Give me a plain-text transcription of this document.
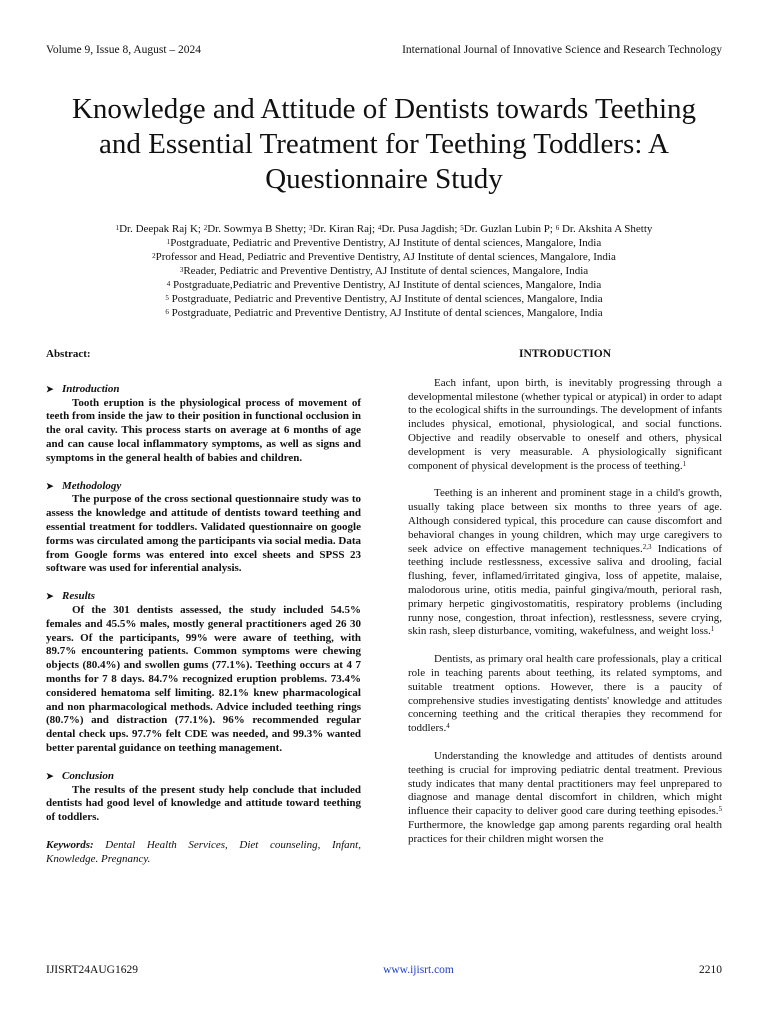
Volume 9, Issue 8, August – 2024	International Journal of Innovative Science and Research Technology
Knowledge and Attitude of Dentists towards Teething and Essential Treatment for Teething Toddlers: A Questionnaire Study
$^1$Dr. Deepak Raj K; $^2$Dr. Sowmya B Shetty; $^3$Dr. Kiran Raj; $^4$Dr. Pusa Jagdish; $^5$Dr. Guzlan Lubin P; $^6$ Dr. Akshita A Shetty
$^1$Postgraduate, Pediatric and Preventive Dentistry, AJ Institute of dental sciences, Mangalore, India
$^2$Professor and Head, Pediatric and Preventive Dentistry, AJ Institute of dental sciences, Mangalore, India
$^3$Reader, Pediatric and Preventive Dentistry, AJ Institute of dental sciences, Mangalore, India
$^4$ Postgraduate,Pediatric and Preventive Dentistry, AJ Institute of dental sciences, Mangalore, India
$^5$ Postgraduate, Pediatric and Preventive Dentistry, AJ Institute of dental sciences, Mangalore, India
$^6$ Postgraduate, Pediatric and Preventive Dentistry, AJ Institute of dental sciences, Mangalore, India

Abstract:

➤ Introduction

Tooth eruption is the physiological process of movement of teeth from inside the jaw to their position in functional occlusion in the oral cavity. This process starts on average at 6 months of age and can cause local inflammatory symptoms, as well as signs and symptoms in the general health of babies and children.

➤ Methodology

The purpose of the cross sectional questionnaire study was to assess the knowledge and attitude of dentists toward teething and essential treatment for toddlers. Validated questionnaire on google forms was circulated among the participants via social media. Data from Google forms was entered into excel sheets and SPSS 23 software was used for inferential analysis.

➤ Results

Of the 301 dentists assessed, the study included 54.5% females and 45.5% males, mostly general practitioners aged 26 30 years. Of the participants, 99% were aware of teething, with 89.7% encountering patients. Common symptoms were chewing objects (80.4%) and swollen gums (77.1%). Teething occurs at 4 7 months for 7 8 days. 84.7% recognized eruption problems. 73.4% considered hematoma self limiting. 82.1% knew pharmacological and non pharmacological methods. Advice included teething rings (80.7%) and distraction (77.1%). 96% recommended regular dental check ups. 97.7% felt CDE was needed, and 99.3% wanted better parental guidance on teething management.

➤ Conclusion

The results of the present study help conclude that included dentists had good level of knowledge and attitude toward teething of toddlers.

Keywords: Dental Health Services, Diet counseling, Infant, Knowledge. Pregnancy.

INTRODUCTION

Each infant, upon birth, is inevitably progressing through a developmental milestone (whether typical or atypical) in order to adapt to the ecological shifts in the surroundings. The development of infants includes physical, emotional, physiological, and social functions. Objective and readily observable to oneself and others, physical development is very measurable. A physiologically significant component of physical development is the process of teething.$^1$

Teething is an inherent and prominent stage in a child's growth, usually taking place between six months to three years of age. Although considered typical, this procedure can cause discomfort and behavioral changes in young children, which may urge caregivers to seek advice on effective management techniques.$^{2,3}$ Indications of teething include restlessness, excessive saliva and drooling, facial flushing, fever, inflamed/irritated gingiva, loss of appetite, malaise, malodorous urine, otitis media, painful gingiva/mouth, perioral rash, primary herpetic gingivostomatitis, respiratory problems (including runny nose, congestion, throat infection), restlessness, severe crying, skin rash, sleep disturbance, vomiting, wakefulness, and weight loss.$^1$

Dentists, as primary oral health care professionals, play a critical role in teaching parents about teething, its related symptoms, and suitable treatment options. However, there is a paucity of comprehensive studies investigating dentists' knowledge and attitudes concerning teething and the critical therapies they recommend for toddlers.$^4$

Understanding the knowledge and attitudes of dentists around teething is crucial for improving pediatric dental treatment. Previous study indicates that many dental practitioners may feel unprepared to diagnose and manage dental discomfort in children, which might influence their capacity to deliver good care during teething episodes.$^5$ Furthermore, the knowledge gap among parents regarding oral health practices for their children might worsen the

IJISRT24AUG1629	www.ijisrt.com	2210
